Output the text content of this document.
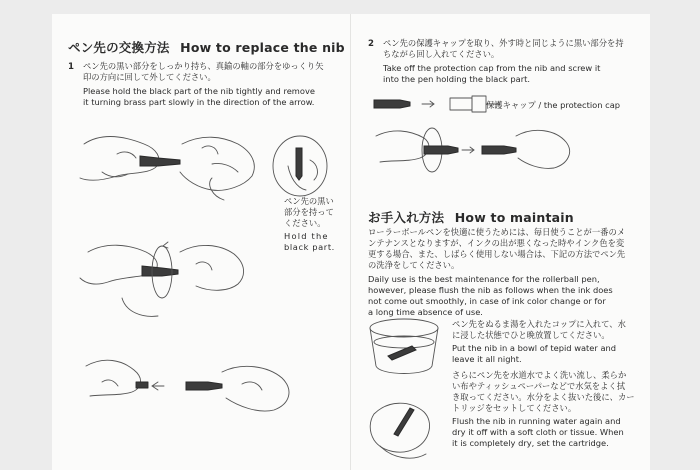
ペン先の交換方法 How to replace the nib
1 ペン先の黒い部分をしっかり持ち、真鍮の軸の部分をゆっくり矢
印の方向に回して外してください。
Please hold the black part of the nib tightly and remove
it turning brass part slowly in the direction of the arrow.
ペン先の黒い
部分を持って
ください。
Hold the
black part.
2 ペン先の保護キャップを取り、外す時と同じように黒い部分を持
ちながら回し入れてください。
Take off the protection cap from the nib and screw it
into the pen holding the black part.
保護キャップ / the protection cap
お手入れ方法 How to maintain
ローラーボールペンを快適に使うためには、毎日使うことが一番のメ
ンテナンスとなりますが、インクの出が悪くなった時やインク色を変
更する場合、また、しばらく使用しない場合は、下記の方法でペン先
の洗浄をしてください。
Daily use is the best maintenance for the rollerball pen,
however, please flush the nib as follows when the ink does
not come out smoothly, in case of ink color change or for
a long time absence of use.
ペン先をぬるま湯を入れたコップに入れて、水
に浸した状態でひと晩放置してください。
Put the nib in a bowl of tepid water and
leave it all night.
さらにペン先を水道水でよく洗い流し、柔らか
い布やティッシュペーパーなどで水気をよく拭
き取ってください。水分をよく抜いた後に、カー
トリッジをセットしてください。
Flush the nib in running water again and
dry it off with a soft cloth or tissue. When
it is completely dry, set the cartridge.
